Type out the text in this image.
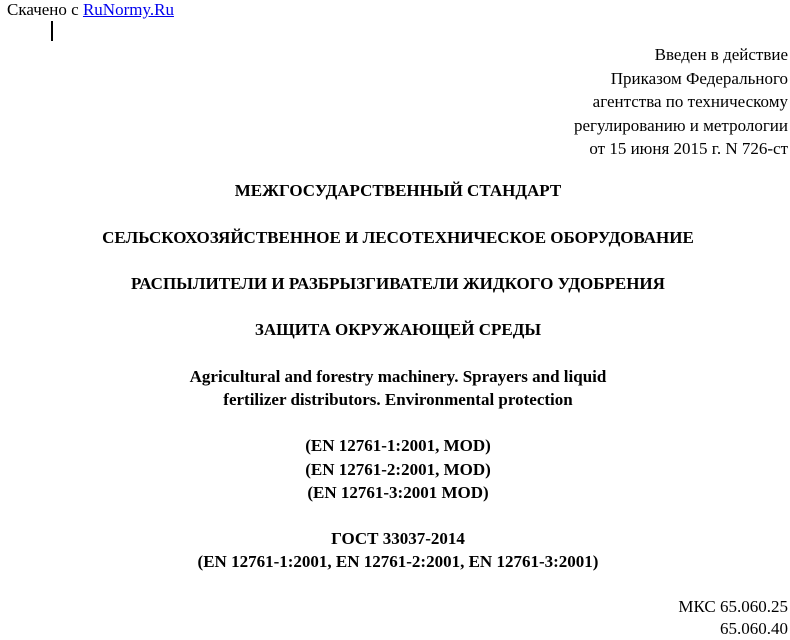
Скачено с RuNormy.Ru
Введен в действие
Приказом Федерального
агентства по техническому
регулированию и метрологии
от 15 июня 2015 г. N 726-ст
МЕЖГОСУДАРСТВЕННЫЙ СТАНДАРТ
СЕЛЬСКОХОЗЯЙСТВЕННОЕ И ЛЕСОТЕХНИЧЕСКОЕ ОБОРУДОВАНИЕ
РАСПЫЛИТЕЛИ И РАЗБРЫЗГИВАТЕЛИ ЖИДКОГО УДОБРЕНИЯ
ЗАЩИТА ОКРУЖАЮЩЕЙ СРЕДЫ
Agricultural and forestry machinery. Sprayers and liquid
fertilizer distributors. Environmental protection
(EN 12761-1:2001, MOD)
(EN 12761-2:2001, MOD)
(EN 12761-3:2001 MOD)
ГОСТ 33037-2014
(EN 12761-1:2001, EN 12761-2:2001, EN 12761-3:2001)
МКС 65.060.25
65.060.40
